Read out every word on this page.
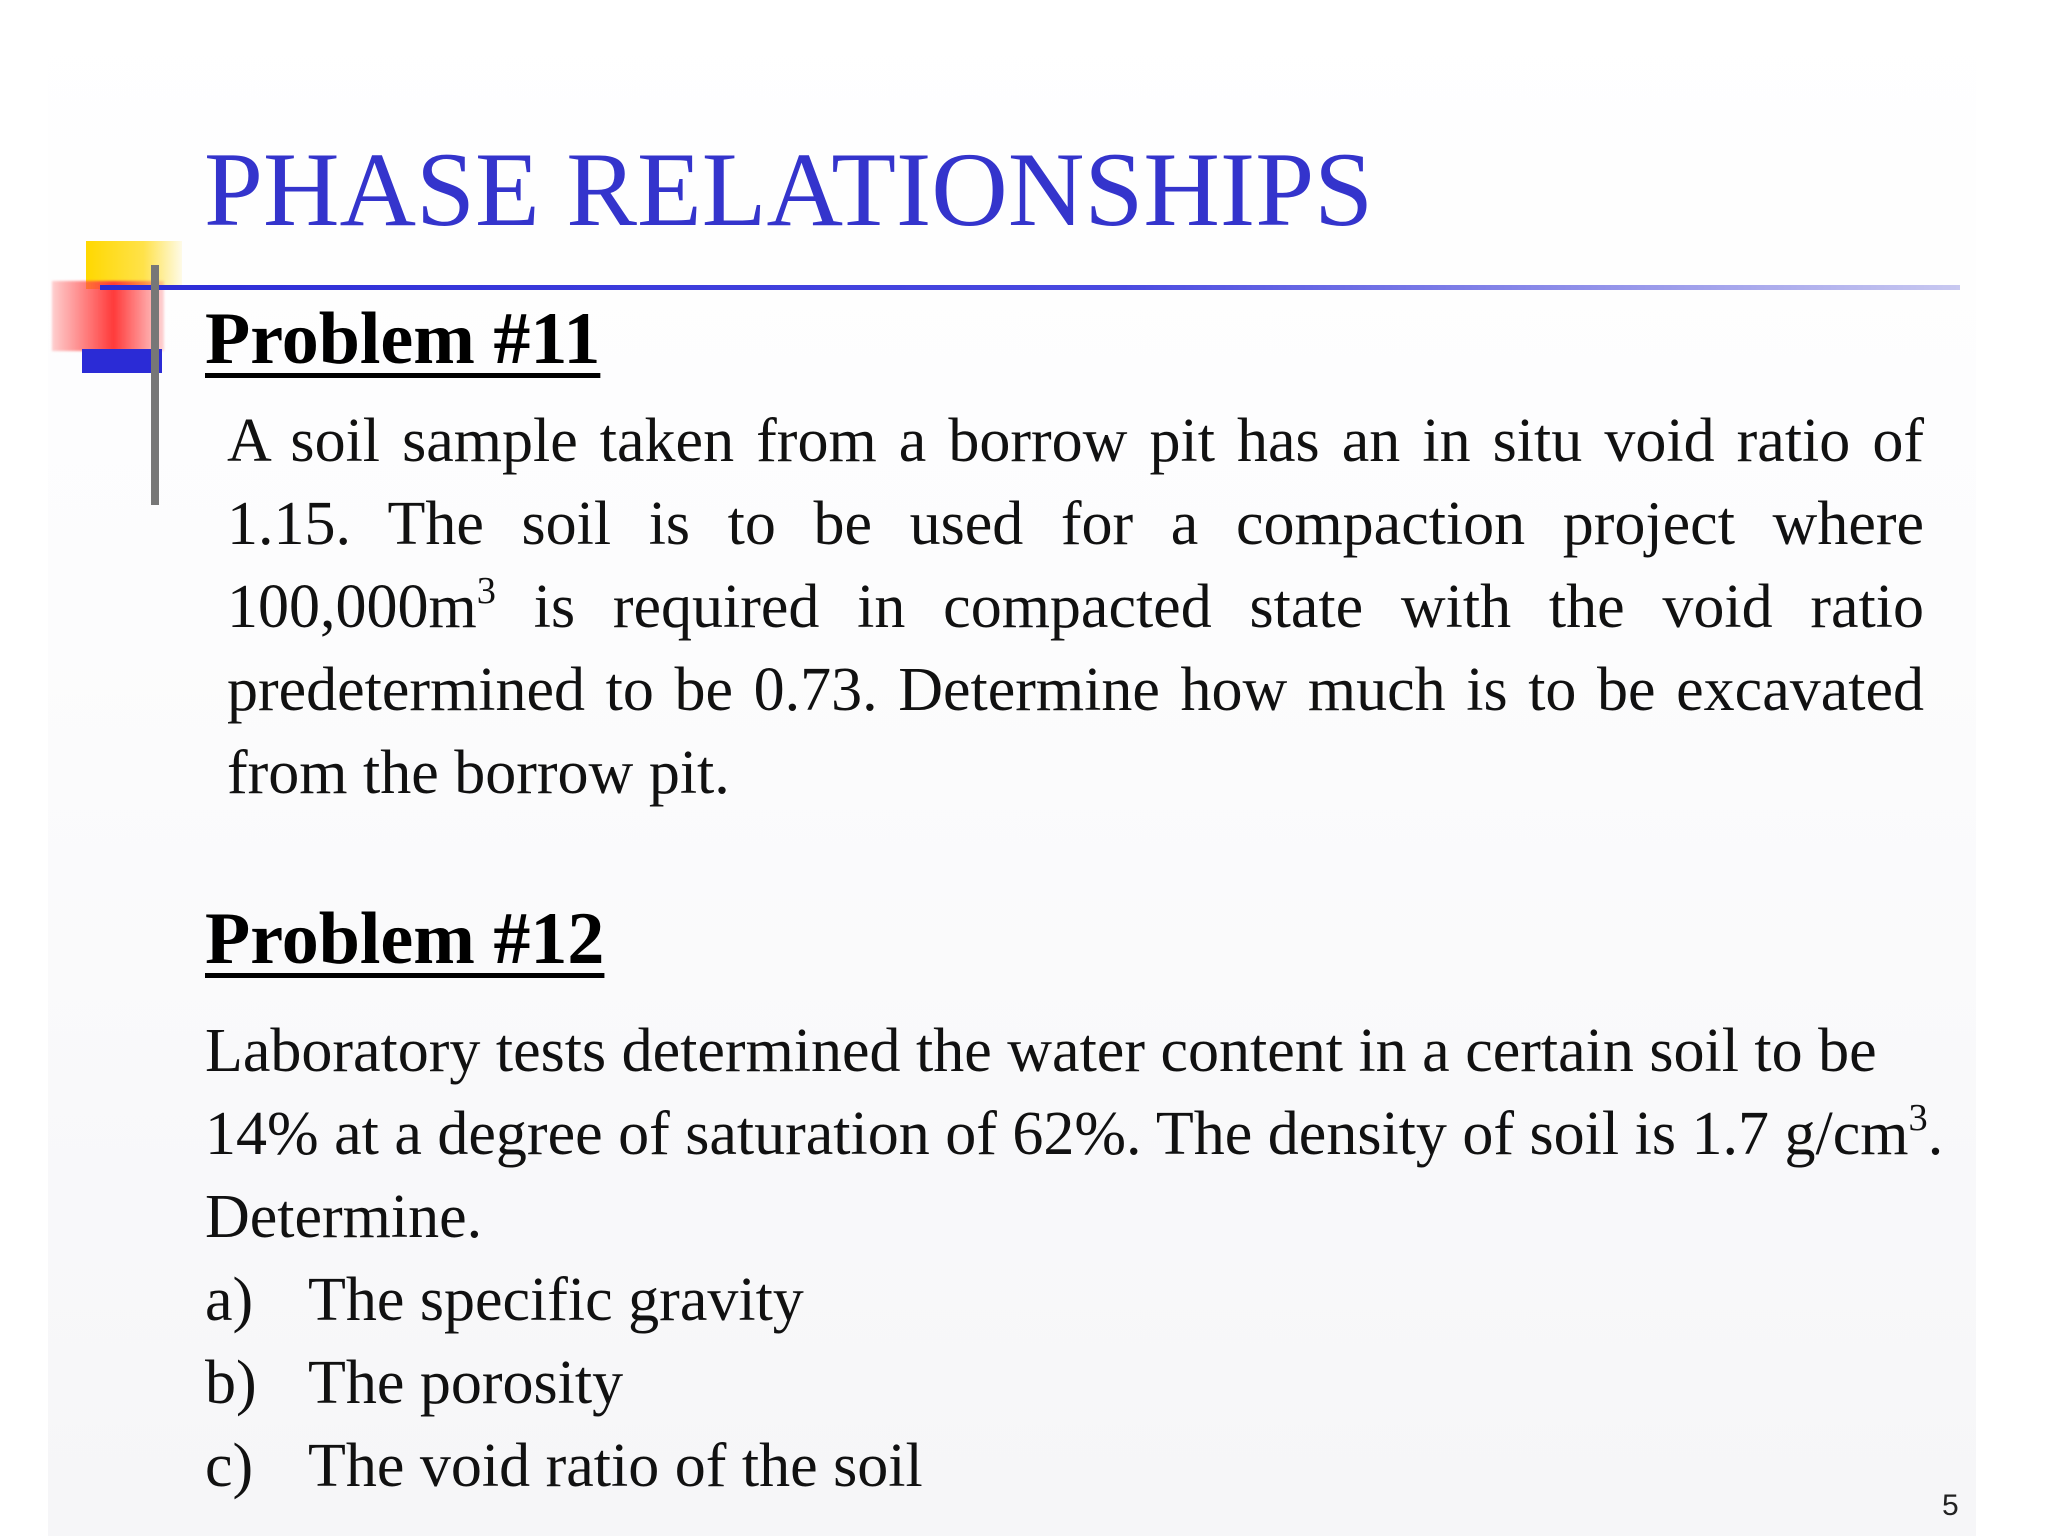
PHASE RELATIONSHIPS
Problem #11

A soil sample taken from a borrow pit has an in situ void ratio of 1.15. The soil is to be used for a compaction project where $100,000m^3$ is required in compacted state with the void ratio predetermined to be 0.73. Determine how much is to be excavated from the borrow pit.

Problem #12

Laboratory tests determined the water content in a certain soil to be 14% at a degree of saturation of 62%. The density of soil is 1.7 $g/cm^3$. Determine.

a) The specific gravity
b) The porosity
c) The void ratio of the soil
5
